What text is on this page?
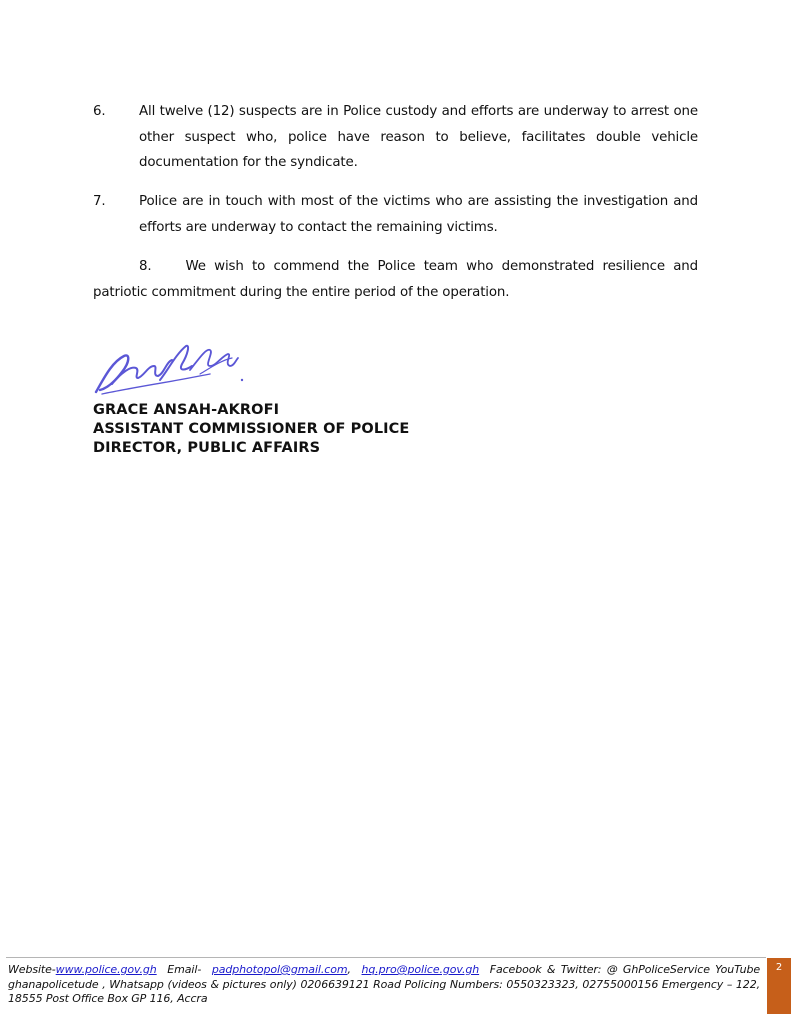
6.	All twelve (12) suspects are in Police custody and efforts are underway to arrest one other suspect who, police have reason to believe, facilitates double vehicle documentation for the syndicate.
7.	Police are in touch with most of the victims who are assisting the investigation and efforts are underway to contact the remaining victims.
8.	We wish to commend the Police team who demonstrated resilience and patriotic commitment during the entire period of the operation.
GRACE ANSAH-AKROFI
ASSISTANT COMMISSIONER OF POLICE
DIRECTOR, PUBLIC AFFAIRS
Website-www.police.gov.gh Email- padphotopol@gmail.com, hq.pro@police.gov.gh Facebook & Twitter: @ GhPoliceService YouTube ghanapolicetude , Whatsapp (videos & pictures only) 0206639121 Road Policing Numbers: 0550323323, 02755000156 Emergency – 122, 18555 Post Office Box GP 116, Accra
2
